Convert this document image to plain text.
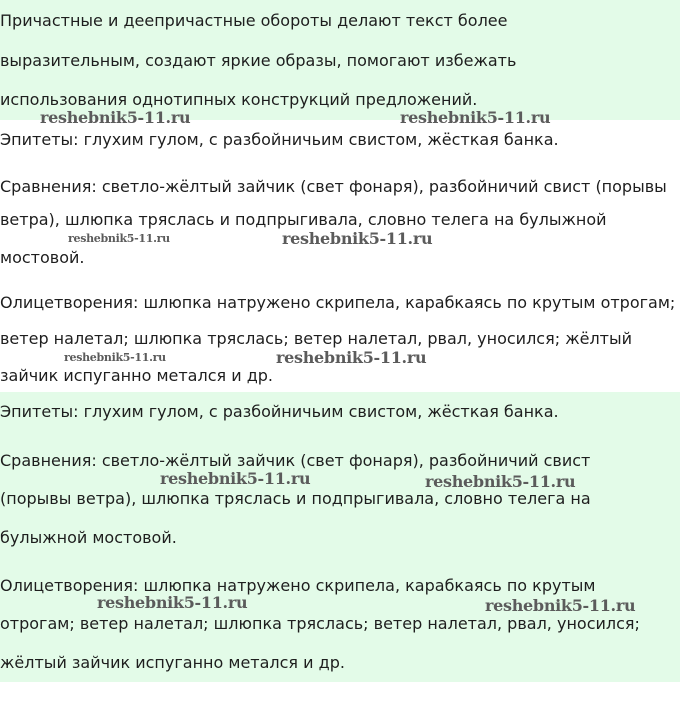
Причастные и деепричастные обороты делают текст более
выразительным, создают яркие образы, помогают избежать
использования однотипных конструкций предложений.
Эпитеты: глухим гулом, с разбойничьим свистом, жёсткая банка.
Сравнения: светло-жёлтый зайчик (свет фонаря), разбойничий свист (порывы
ветра), шлюпка тряслась и подпрыгивала, словно телега на булыжной
мостовой.
Олицетворения: шлюпка натружено скрипела, карабкаясь по крутым отрогам;
ветер налетал; шлюпка тряслась; ветер налетал, рвал, уносился; жёлтый
зайчик испуганно метался и др.
Эпитеты: глухим гулом, с разбойничьим свистом, жёсткая банка.
Сравнения: светло-жёлтый зайчик (свет фонаря), разбойничий свист
(порывы ветра), шлюпка тряслась и подпрыгивала, словно телега на
булыжной мостовой.
Олицетворения: шлюпка натружено скрипела, карабкаясь по крутым
отрогам; ветер налетал; шлюпка тряслась; ветер налетал, рвал, уносился;
жёлтый зайчик испуганно метался и др.
reshebnik5-11.ru	reshebnik5-11.ru
reshebnik5-11.ru	reshebnik5-11.ru
reshebnik5-11.ru	reshebnik5-11.ru
reshebnik5-11.ru	reshebnik5-11.ru
reshebnik5-11.ru	reshebnik5-11.ru
